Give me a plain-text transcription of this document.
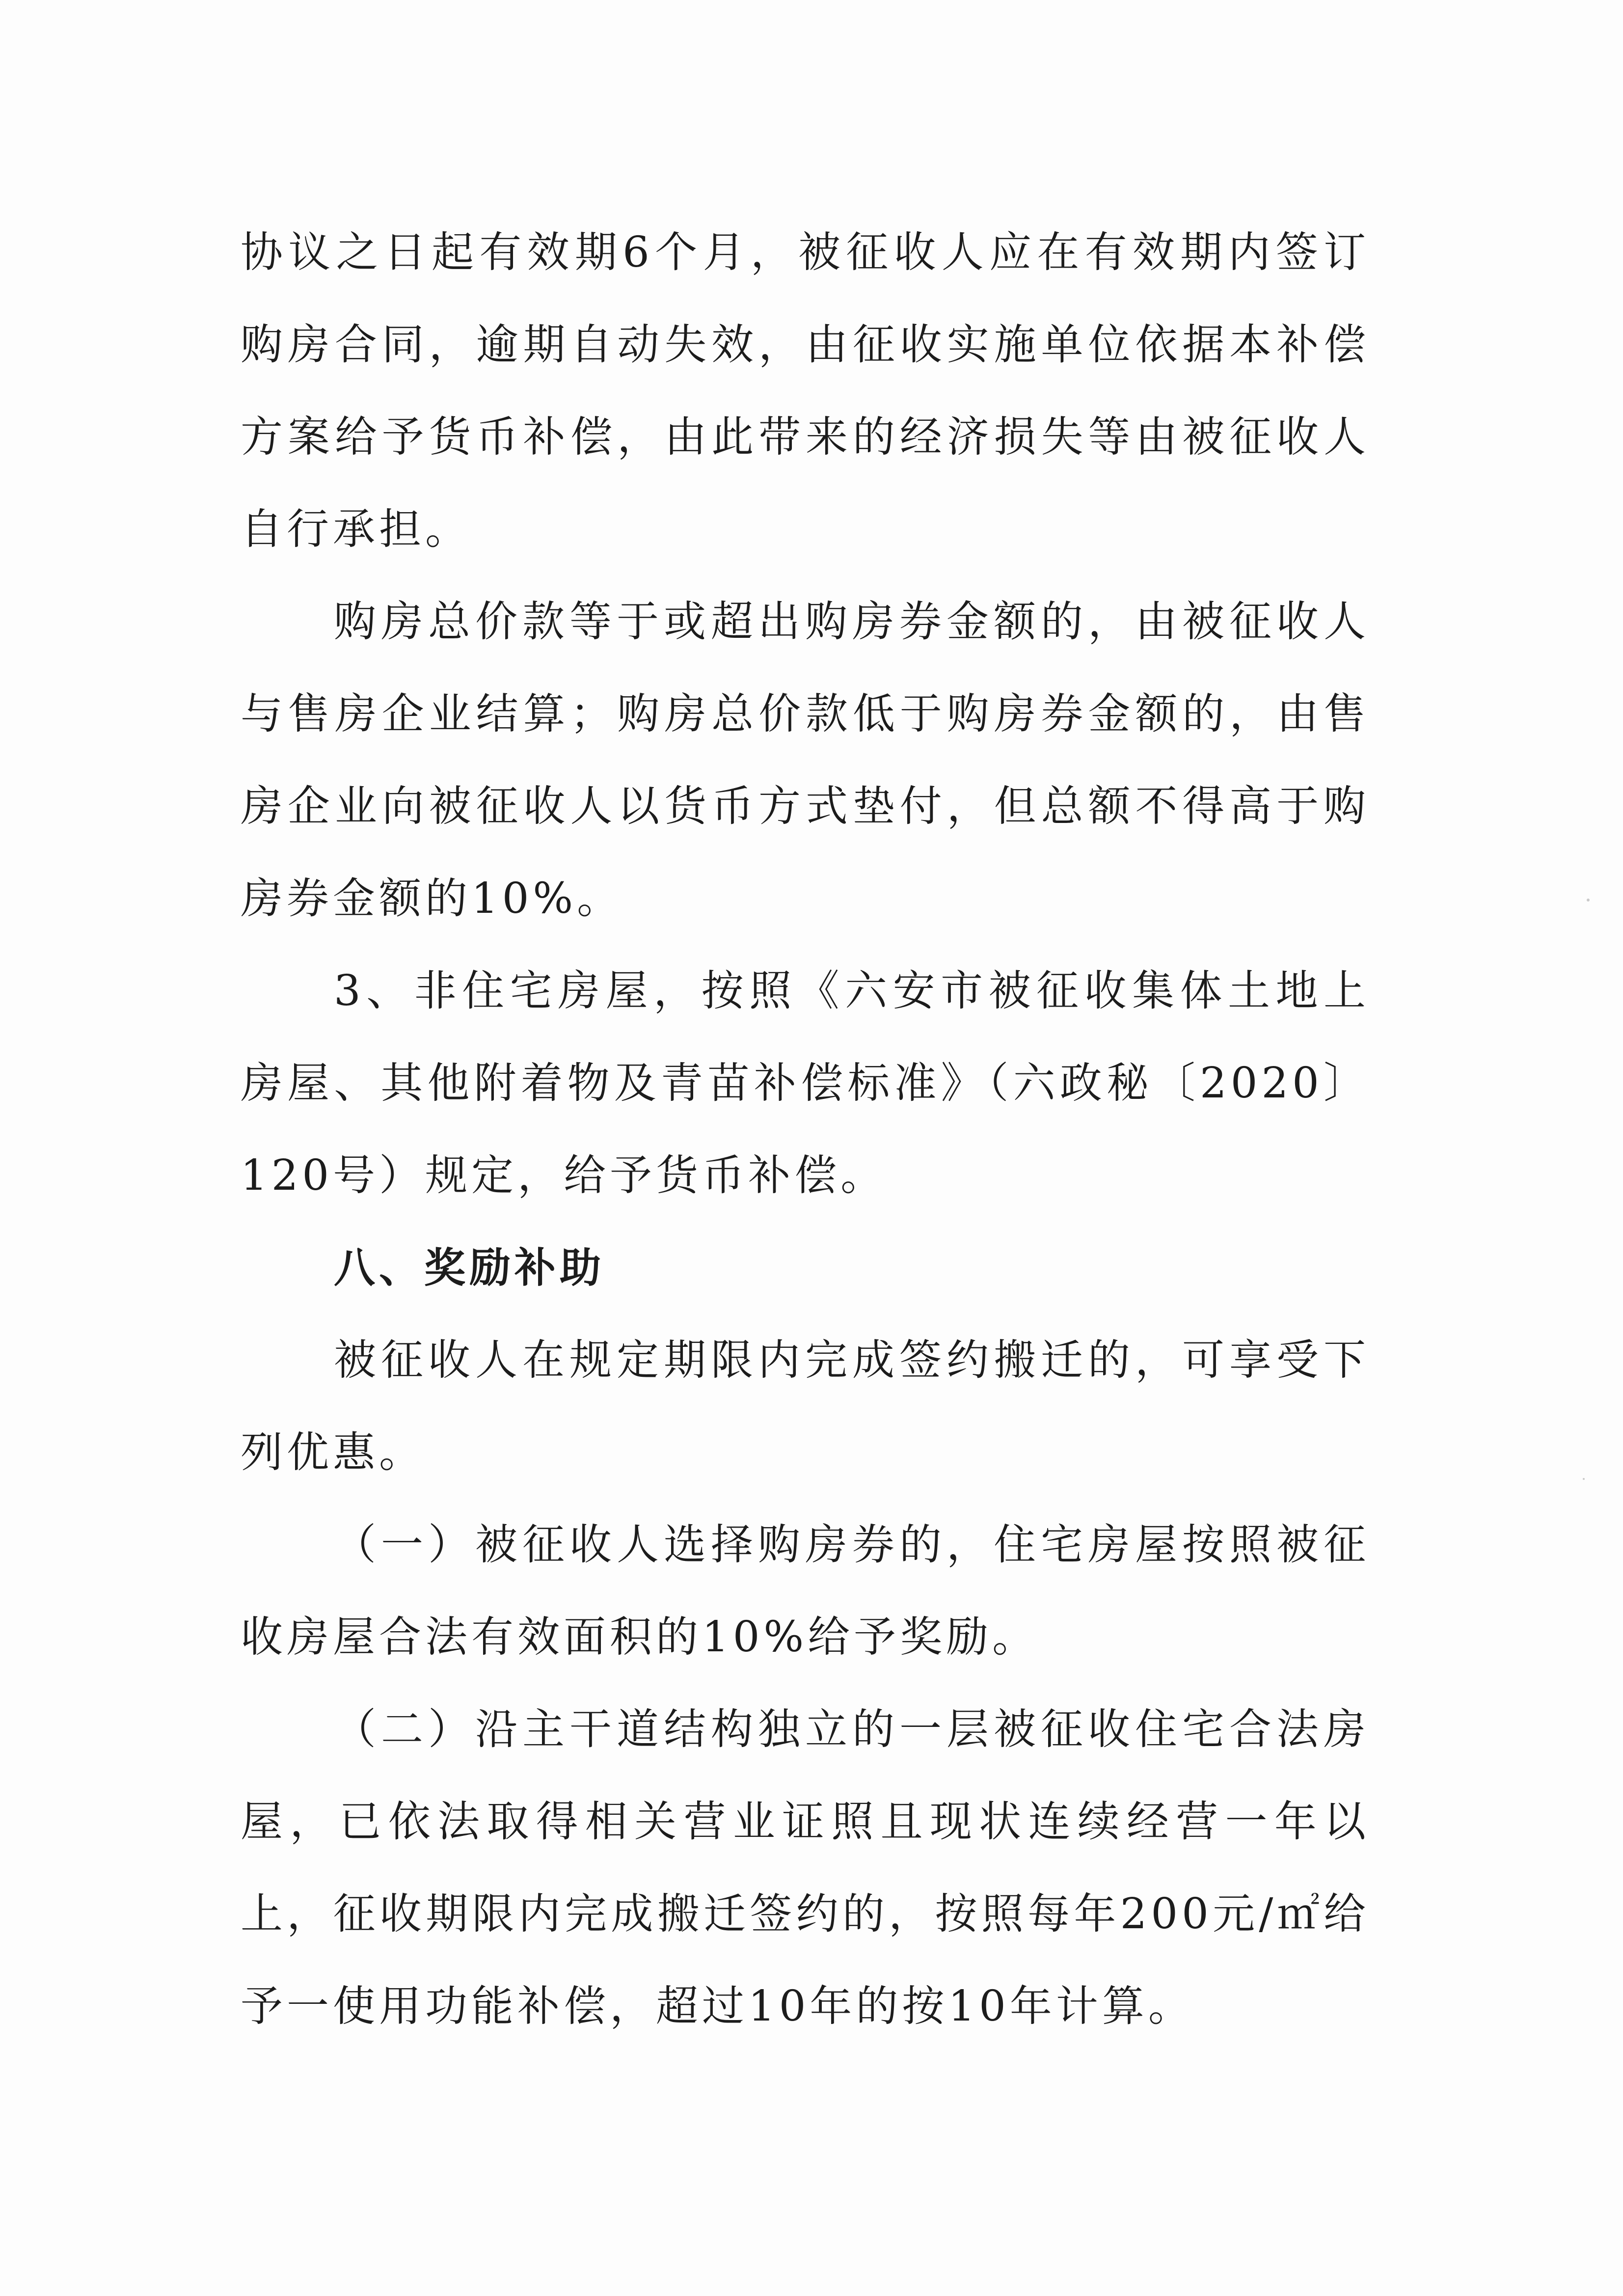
协议之日起有效期6个月，被征收人应在有效期内签订购房合同，逾期自动失效，由征收实施单位依据本补偿方案给予货币补偿，由此带来的经济损失等由被征收人自行承担。

购房总价款等于或超出购房券金额的，由被征收人与售房企业结算；购房总价款低于购房券金额的，由售房企业向被征收人以货币方式垫付，但总额不得高于购房券金额的10%。

3、非住宅房屋，按照《六安市被征收集体土地上房屋、其他附着物及青苗补偿标准》（六政秘〔2020〕120号）规定，给予货币补偿。

八、奖励补助

被征收人在规定期限内完成签约搬迁的，可享受下列优惠。

（一）被征收人选择购房券的，住宅房屋按照被征收房屋合法有效面积的10%给予奖励。

（二）沿主干道结构独立的一层被征收住宅合法房屋，已依法取得相关营业证照且现状连续经营一年以上，征收期限内完成搬迁签约的，按照每年200元/㎡给予一使用功能补偿，超过10年的按10年计算。
